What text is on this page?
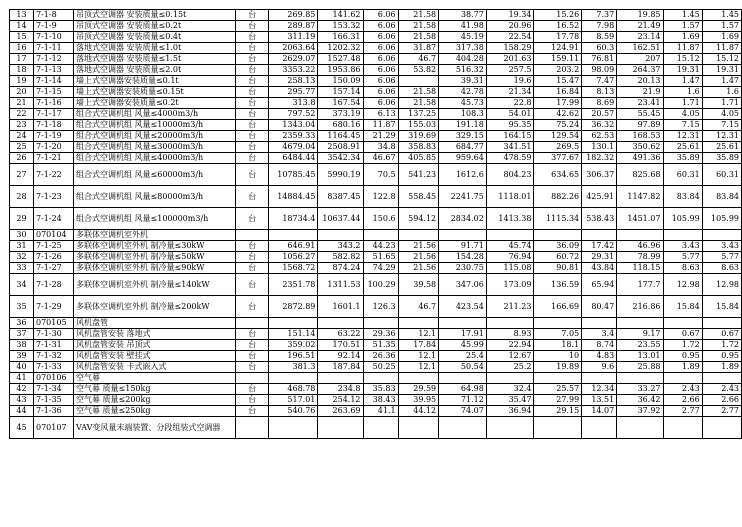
13	7-1-8	吊顶式空调器 安装质量≤0.15t	台	269.85	141.62	6.06	21.58	38.77	19.34	15.26	7.37	19.85	1.45	1.45
14	7-1-9	吊顶式空调器 安装质量≤0.2t	台	289.87	153.32	6.06	21.58	41.98	20.96	16.52	7.98	21.49	1.57	1.57
15	7-1-10	吊顶式空调器 安装质量≤0.4t	台	311.19	166.31	6.06	21.58	45.19	22.54	17.78	8.59	23.14	1.69	1.69
16	7-1-11	落地式空调器 安装质量≤1.0t	台	2063.64	1202.32	6.06	31.87	317.38	158.29	124.91	60.3	162.51	11.87	11.87
17	7-1-12	落地式空调器 安装质量≤1.5t	台	2629.07	1527.48	6.06	46.7	404.28	201.63	159.11	76.81	207	15.12	15.12
18	7-1-13	落地式空调器 安装质量≤2.0t	台	3353.22	1953.86	6.06	53.82	516.32	257.5	203.2	98.09	264.37	19.31	19.31
19	7-1-14	墙上式空调器安装质量≤0.1t	台	258.13	150.09	6.06		39.31	19.6	15.47	7.47	20.13	1.47	1.47
20	7-1-15	墙上式空调器安装质量≤0.15t	台	295.77	157.14	6.06	21.58	42.78	21.34	16.84	8.13	21.9	1.6	1.6
21	7-1-16	墙上式空调器安装质量≤0.2t	台	313.8	167.54	6.06	21.58	45.73	22.8	17.99	8.69	23.41	1.71	1.71
22	7-1-17	组合式空调机组 风量≤4000m3/h	台	797.52	373.19	6.13	137.25	108.3	54.01	42.62	20.57	55.45	4.05	4.05
23	7-1-18	组合式空调机组 风量≤10000m3/h	台	1343.04	680.16	11.87	155.03	191.18	95.35	75.24	36.32	97.89	7.15	7.15
24	7-1-19	组合式空调机组 风量≤20000m3/h	台	2359.33	1164.45	21.29	319.69	329.15	164.15	129.54	62.53	168.53	12.31	12.31
25	7-1-20	组合式空调机组 风量≤30000m3/h	台	4679.04	2508.91	34.8	358.83	684.77	341.51	269.5	130.1	350.62	25.61	25.61
26	7-1-21	组合式空调机组 风量≤40000m3/h	台	6484.44	3542.34	46.67	405.85	959.64	478.59	377.67	182.32	491.36	35.89	35.89
27	7-1-22	组合式空调机组 风量≤60000m3/h	台	10785.45	5990.19	70.5	541.23	1612.6	804.23	634.65	306.37	825.68	60.31	60.31
28	7-1-23	组合式空调机组 风量≤80000m3/h	台	14884.45	8387.45	122.8	558.45	2241.75	1118.01	882.26	425.91	1147.82	83.84	83.84
29	7-1-24	组合式空调机组 风量≤100000m3/h	台	18734.4	10637.44	150.6	594.12	2834.02	1413.38	1115.34	538.43	1451.07	105.99	105.99
30	070104	多联体空调机室外机												
31	7-1-25	多联体空调机室外机 制冷量≤30kW	台	646.91	343.2	44.23	21.56	91.71	45.74	36.09	17.42	46.96	3.43	3.43
32	7-1-26	多联体空调机室外机 制冷量≤50kW	台	1056.27	582.82	51.65	21.56	154.28	76.94	60.72	29.31	78.99	5.77	5.77
33	7-1-27	多联体空调机室外机 制冷量≤90kW	台	1568.72	874.24	74.29	21.56	230.75	115.08	90.81	43.84	118.15	8.63	8.63
34	7-1-28	多联体空调机室外机 制冷量≤140kW	台	2351.78	1311.53	100.29	39.58	347.06	173.09	136.59	65.94	177.7	12.98	12.98
35	7-1-29	多联体空调机室外机 制冷量≤200kW	台	2872.89	1601.1	126.3	46.7	423.54	211.23	166.69	80.47	216.86	15.84	15.84
36	070105	风机盘管												
37	7-1-30	风机盘管安装 落地式	台	151.14	63.22	29.36	12.1	17.91	8.93	7.05	3.4	9.17	0.67	0.67
38	7-1-31	风机盘管安装 吊顶式	台	359.02	170.51	51.35	17.84	45.99	22.94	18.1	8.74	23.55	1.72	1.72
39	7-1-32	风机盘管安装 壁挂式	台	196.51	92.14	26.36	12.1	25.4	12.67	10	4.83	13.01	0.95	0.95
40	7-1-33	风机盘管安装 卡式嵌入式	台	381.3	187.84	50.25	12.1	50.54	25.2	19.89	9.6	25.88	1.89	1.89
41	070106	空气幕												
42	7-1-34	空气幕 质量≤150kg	台	468.78	234.8	35.83	29.59	64.98	32.4	25.57	12.34	33.27	2.43	2.43
43	7-1-35	空气幕 质量≤200kg	台	517.01	254.12	38.43	39.95	71.12	35.47	27.99	13.51	36.42	2.66	2.66
44	7-1-36	空气幕 质量≤250kg	台	540.76	263.69	41.1	44.12	74.07	36.94	29.15	14.07	37.92	2.77	2.77
45	070107	VAV变风量末端装置、分段组装式空调器												
